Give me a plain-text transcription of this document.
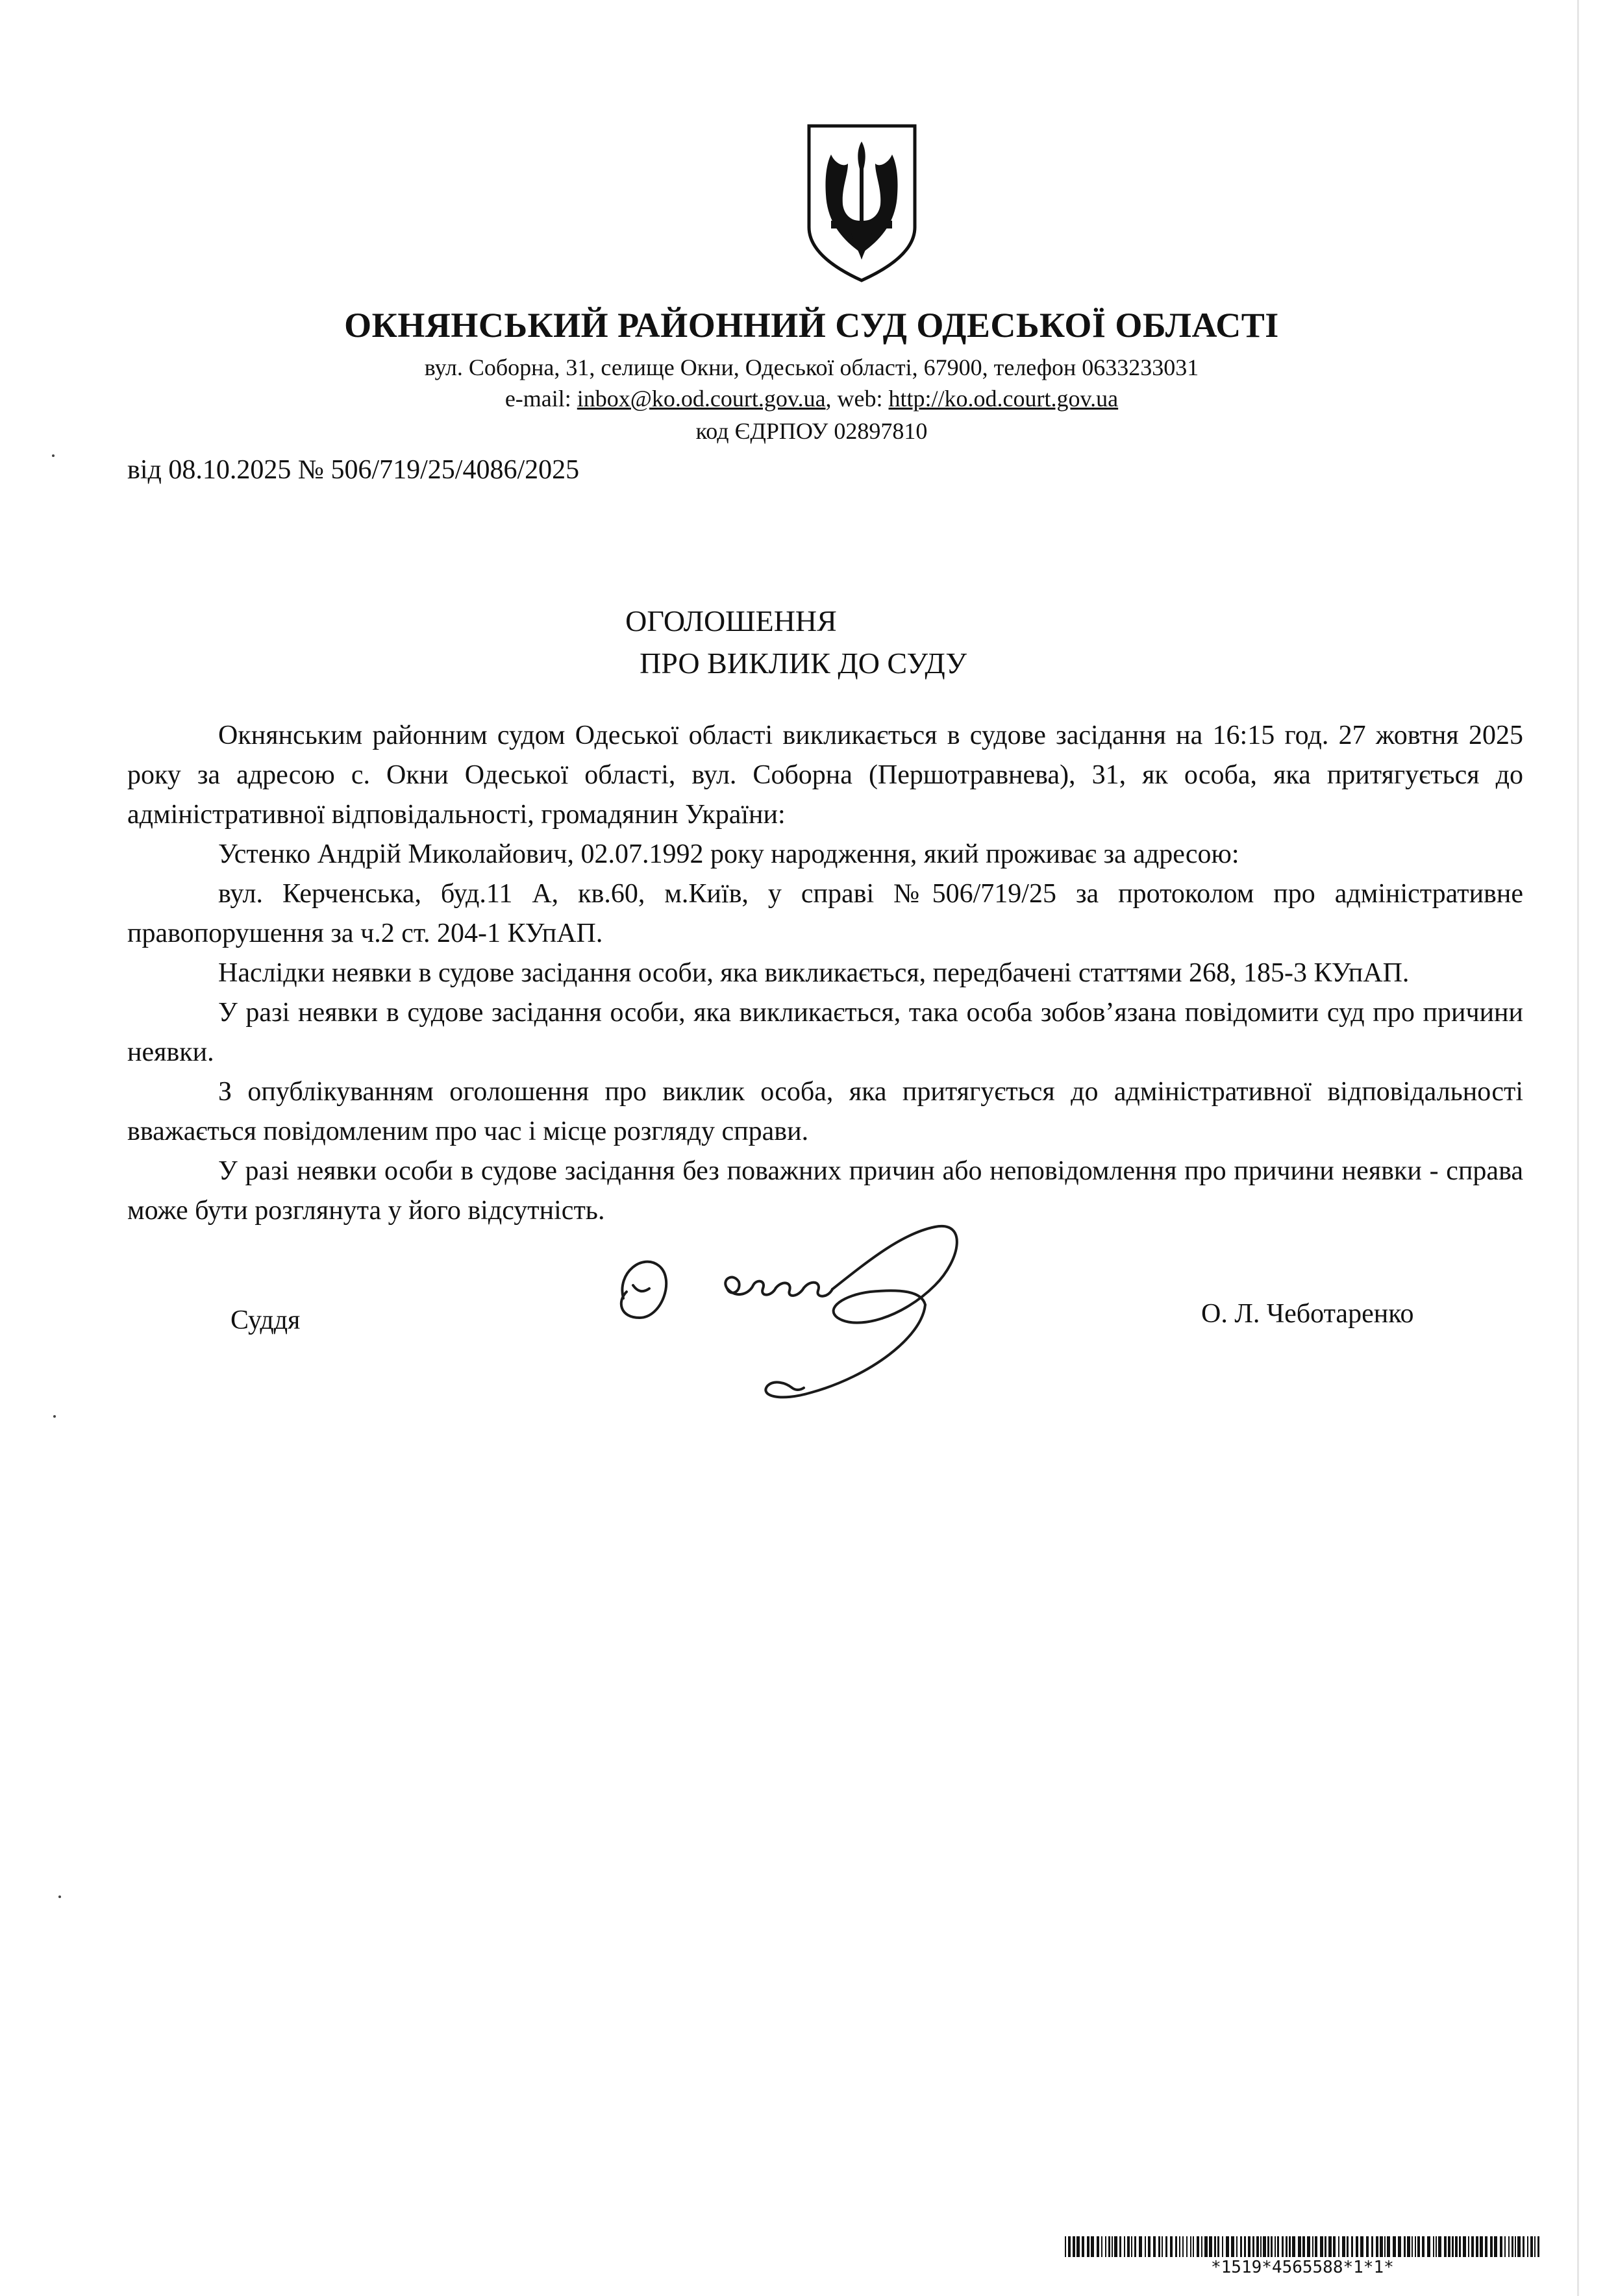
ОКНЯНСЬКИЙ РАЙОННИЙ СУД ОДЕСЬКОЇ ОБЛАСТІ
вул. Соборна, 31, селище Окни, Одеської області, 67900, телефон 0633233031
e-mail: inbox@ko.od.court.gov.ua, web: http://ko.od.court.gov.ua
код ЄДРПОУ 02897810
від 08.10.2025 № 506/719/25/4086/2025
ОГОЛОШЕННЯ
ПРО ВИКЛИК ДО СУДУ

Окнянським районним судом Одеської області викликається в судове засідання на 16:15 год. 27 жовтня 2025 року за адресою с. Окни Одеської області, вул. Соборна (Першотравнева), 31, як особа, яка притягується до адміністративної відповідальності, громадянин України:

Устенко Андрій Миколайович, 02.07.1992 року народження, який проживає за адресою:

вул. Керченська, буд.11 А, кв.60, м.Київ, у справі №506/719/25 за протоколом про адміністративне правопорушення за ч.2 ст. 204-1 КУпАП.

Наслідки неявки в судове засідання особи, яка викликається, передбачені статтями 268, 185-3 КУпАП.

У разі неявки в судове засідання особи, яка викликається, така особа зобов’язана повідомити суд про причини неявки.

З опублікуванням оголошення про виклик особа, яка притягується до адміністративної відповідальності вважається повідомленим про час і місце розгляду справи.

У разі неявки особи в судове засідання без поважних причин або неповідомлення про причини неявки - справа може бути розглянута у його відсутність.

Суддя	О. Л. Чеботаренко
*1519*4565588*1*1*
